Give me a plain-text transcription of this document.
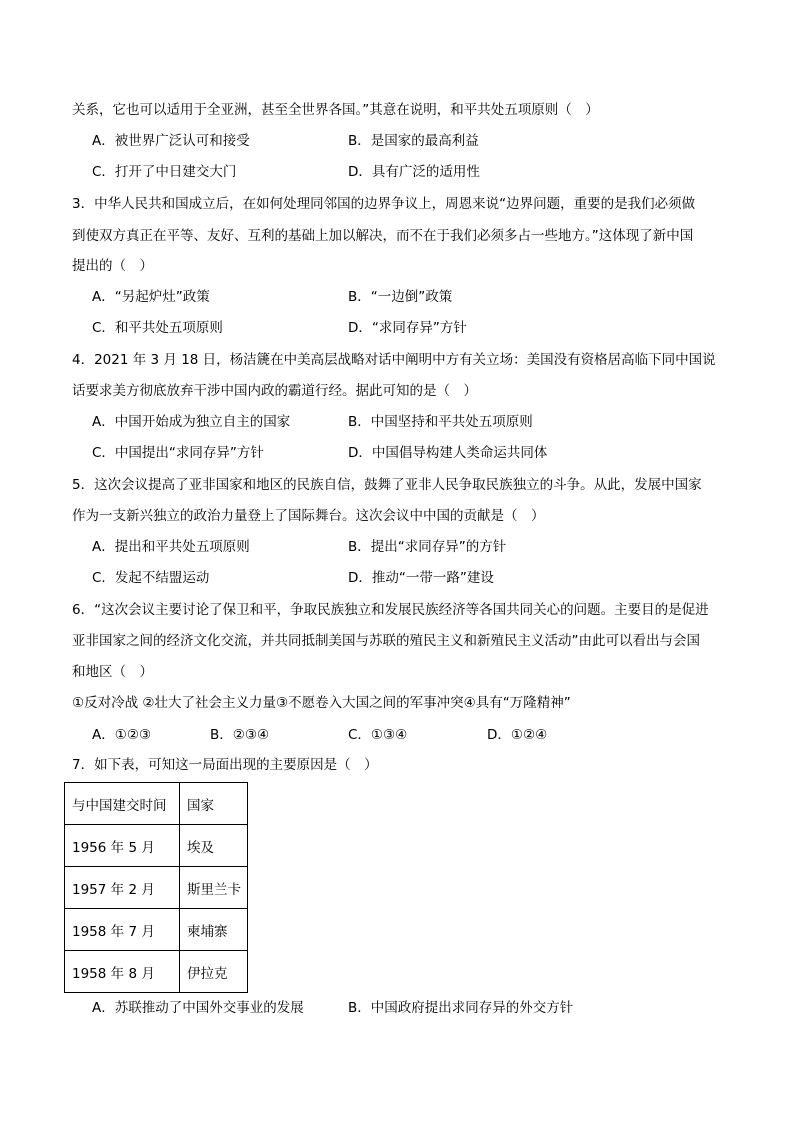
关系，它也可以适用于全亚洲，甚至全世界各国。”其意在说明，和平共处五项原则（　）
A．被世界广泛认可和接受	B．是国家的最高利益
C．打开了中日建交大门	D．具有广泛的适用性
3．中华人民共和国成立后，在如何处理同邻国的边界争议上，周恩来说“边界问题，重要的是我们必须做
到使双方真正在平等、友好、互利的基础上加以解决，而不在于我们必须多占一些地方。”这体现了新中国
提出的（　）
A．“另起炉灶”政策	B．“一边倒”政策
C．和平共处五项原则	D．“求同存异”方针
4．2021 年 3 月 18 日，杨洁篪在中美高层战略对话中阐明中方有关立场：美国没有资格居高临下同中国说
话要求美方彻底放弃干涉中国内政的霸道行经。据此可知的是（　）
A．中国开始成为独立自主的国家	B．中国坚持和平共处五项原则
C．中国提出“求同存异”方针	D．中国倡导构建人类命运共同体
5．这次会议提高了亚非国家和地区的民族自信，鼓舞了亚非人民争取民族独立的斗争。从此，发展中国家
作为一支新兴独立的政治力量登上了国际舞台。这次会议中中国的贡献是（　）
A．提出和平共处五项原则	B．提出“求同存异”的方针
C．发起不结盟运动	D．推动“一带一路”建设
6．“这次会议主要讨论了保卫和平，争取民族独立和发展民族经济等各国共同关心的问题。主要目的是促进
亚非国家之间的经济文化交流，并共同抵制美国与苏联的殖民主义和新殖民主义活动”由此可以看出与会国
和地区（　）
①反对冷战 ②壮大了社会主义力量③不愿卷入大国之间的军事冲突④具有“万隆精神”
A．①②③	B．②③④	C．①③④	D．①②④
7．如下表，可知这一局面出现的主要原因是（　）
与中国建交时间	国家
1956 年 5 月	埃及
1957 年 2 月	斯里兰卡
1958 年 7 月	柬埔寨
1958 年 8 月	伊拉克
A．苏联推动了中国外交事业的发展	B．中国政府提出求同存异的外交方针
